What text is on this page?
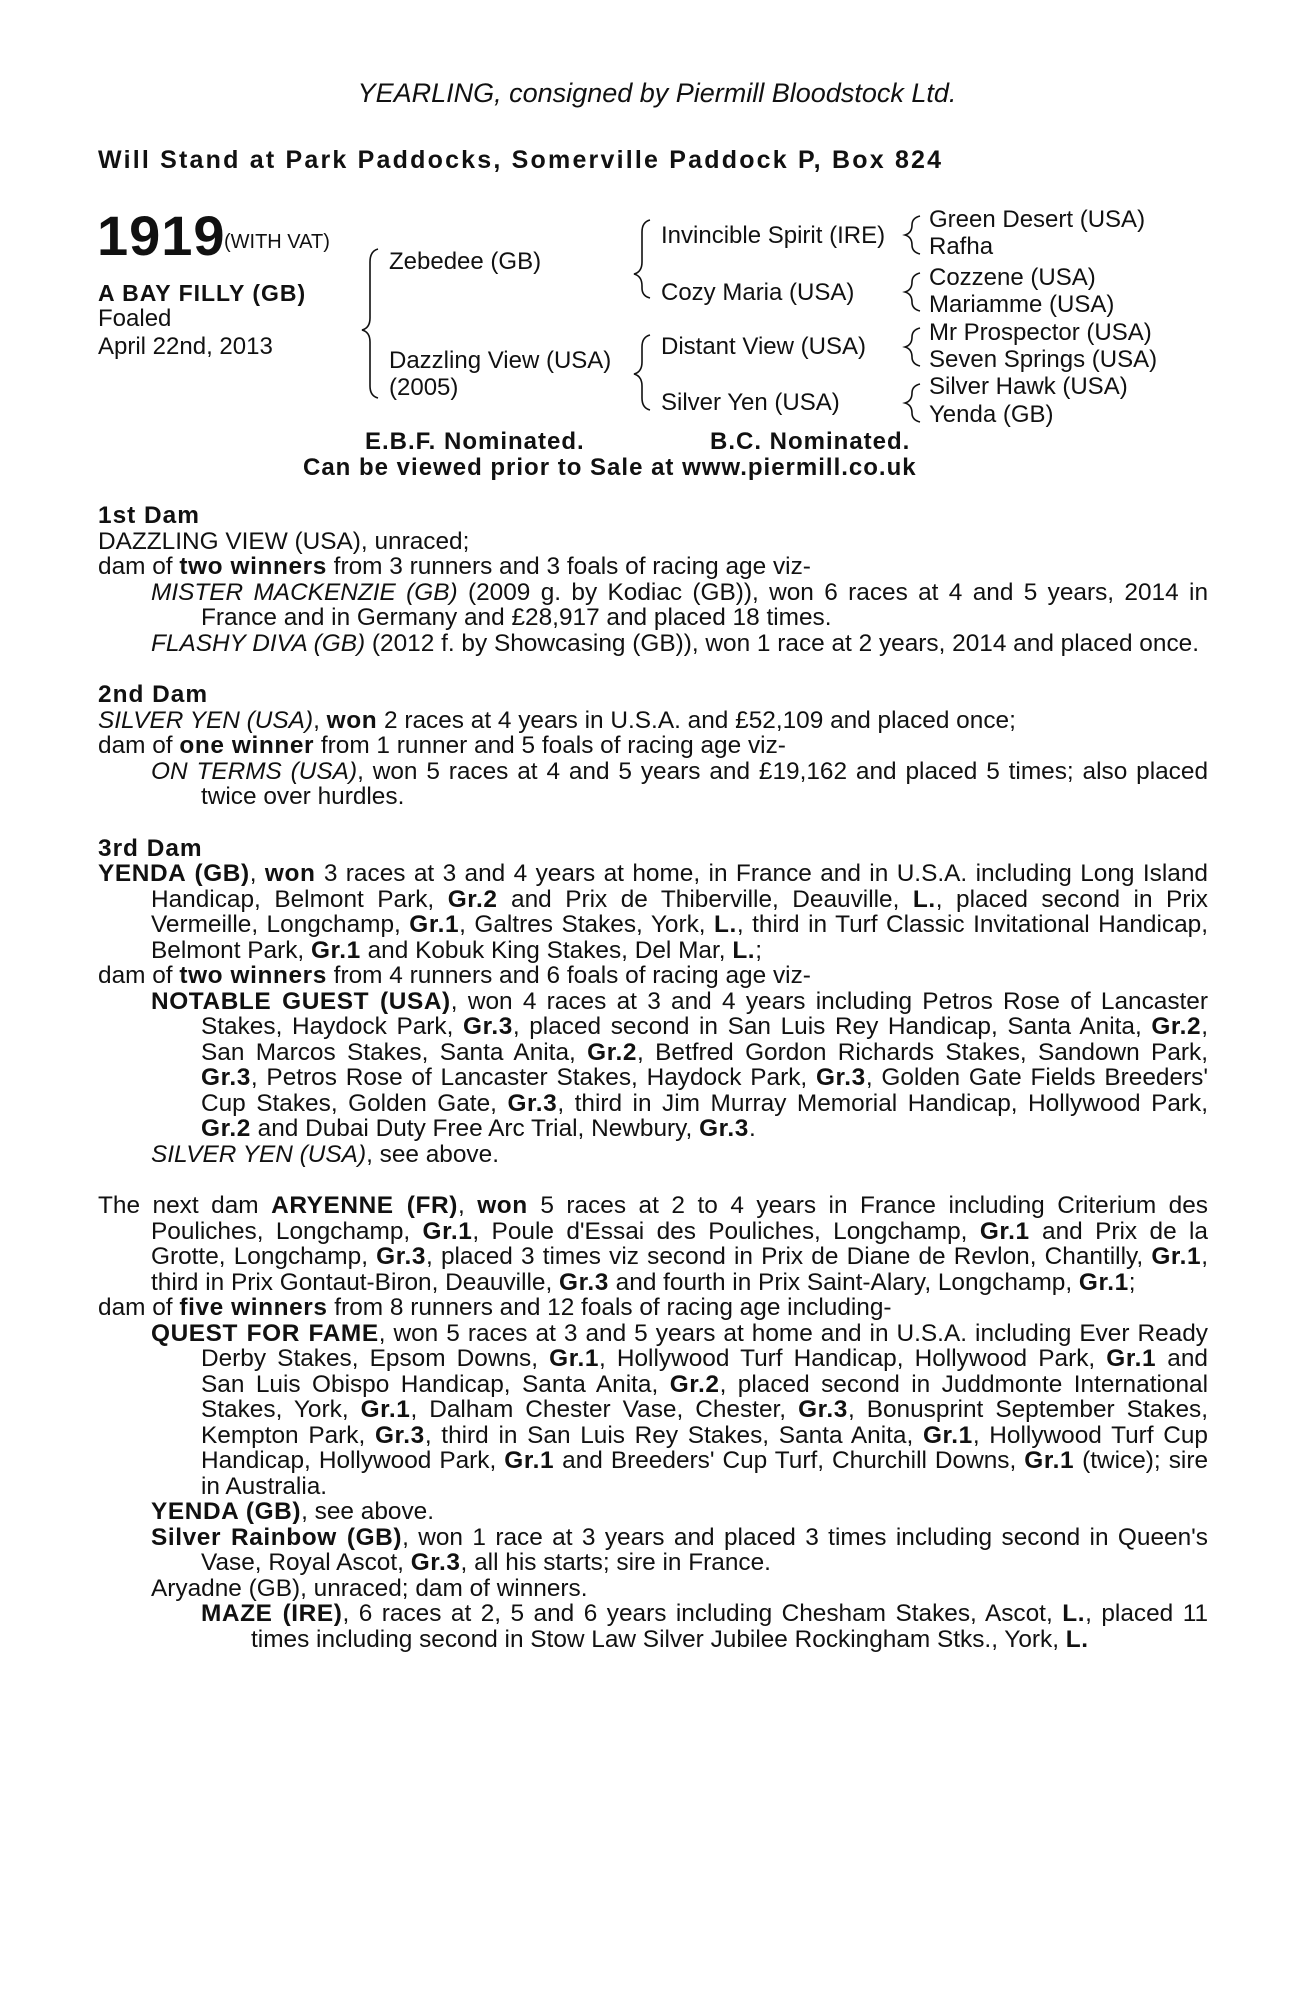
YEARLING, consigned by Piermill Bloodstock Ltd.
Will Stand at Park Paddocks, Somerville Paddock P, Box 824
1919
(WITH VAT)
A BAY FILLY (GB)
Foaled
April 22nd, 2013
Zebedee (GB)
Dazzling View (USA)
(2005)
Invincible Spirit (IRE)
Cozy Maria (USA)
Distant View (USA)
Silver Yen (USA)
Green Desert (USA)
Rafha
Cozzene (USA)
Mariamme (USA)
Mr Prospector (USA)
Seven Springs (USA)
Silver Hawk (USA)
Yenda (GB)
E.B.F. Nominated.	B.C. Nominated.
Can be viewed prior to Sale at www.piermill.co.uk

1st Dam

DAZZLING VIEW (USA), unraced;

dam of two winners from 3 runners and 3 foals of racing age viz-

MISTER MACKENZIE (GB) (2009 g. by Kodiac (GB)), won 6 races at 4 and 5 years, 2014 in France and in Germany and £28,917 and placed 18 times.

FLASHY DIVA (GB) (2012 f. by Showcasing (GB)), won 1 race at 2 years, 2014 and placed once.

2nd Dam

SILVER YEN (USA), won 2 races at 4 years in U.S.A. and £52,109 and placed once;

dam of one winner from 1 runner and 5 foals of racing age viz-

ON TERMS (USA), won 5 races at 4 and 5 years and £19,162 and placed 5 times; also placed twice over hurdles.

3rd Dam

YENDA (GB), won 3 races at 3 and 4 years at home, in France and in U.S.A. including Long Island Handicap, Belmont Park, Gr.2 and Prix de Thiberville, Deauville, L., placed second in Prix Vermeille, Longchamp, Gr.1, Galtres Stakes, York, L., third in Turf Classic Invitational Handicap, Belmont Park, Gr.1 and Kobuk King Stakes, Del Mar, L.;

dam of two winners from 4 runners and 6 foals of racing age viz-

NOTABLE GUEST (USA), won 4 races at 3 and 4 years including Petros Rose of Lancaster Stakes, Haydock Park, Gr.3, placed second in San Luis Rey Handicap, Santa Anita, Gr.2, San Marcos Stakes, Santa Anita, Gr.2, Betfred Gordon Richards Stakes, Sandown Park, Gr.3, Petros Rose of Lancaster Stakes, Haydock Park, Gr.3, Golden Gate Fields Breeders' Cup Stakes, Golden Gate, Gr.3, third in Jim Murray Memorial Handicap, Hollywood Park, Gr.2 and Dubai Duty Free Arc Trial, Newbury, Gr.3.

SILVER YEN (USA), see above.

The next dam ARYENNE (FR), won 5 races at 2 to 4 years in France including Criterium des Pouliches, Longchamp, Gr.1, Poule d'Essai des Pouliches, Longchamp, Gr.1 and Prix de la Grotte, Longchamp, Gr.3, placed 3 times viz second in Prix de Diane de Revlon, Chantilly, Gr.1, third in Prix Gontaut-Biron, Deauville, Gr.3 and fourth in Prix Saint-Alary, Longchamp, Gr.1;

dam of five winners from 8 runners and 12 foals of racing age including-

QUEST FOR FAME, won 5 races at 3 and 5 years at home and in U.S.A. including Ever Ready Derby Stakes, Epsom Downs, Gr.1, Hollywood Turf Handicap, Hollywood Park, Gr.1 and San Luis Obispo Handicap, Santa Anita, Gr.2, placed second in Juddmonte International Stakes, York, Gr.1, Dalham Chester Vase, Chester, Gr.3, Bonusprint September Stakes, Kempton Park, Gr.3, third in San Luis Rey Stakes, Santa Anita, Gr.1, Hollywood Turf Cup Handicap, Hollywood Park, Gr.1 and Breeders' Cup Turf, Churchill Downs, Gr.1 (twice); sire in Australia.

YENDA (GB), see above.

Silver Rainbow (GB), won 1 race at 3 years and placed 3 times including second in Queen's Vase, Royal Ascot, Gr.3, all his starts; sire in France.

Aryadne (GB), unraced; dam of winners.

MAZE (IRE), 6 races at 2, 5 and 6 years including Chesham Stakes, Ascot, L., placed 11 times including second in Stow Law Silver Jubilee Rockingham Stks., York, L.
